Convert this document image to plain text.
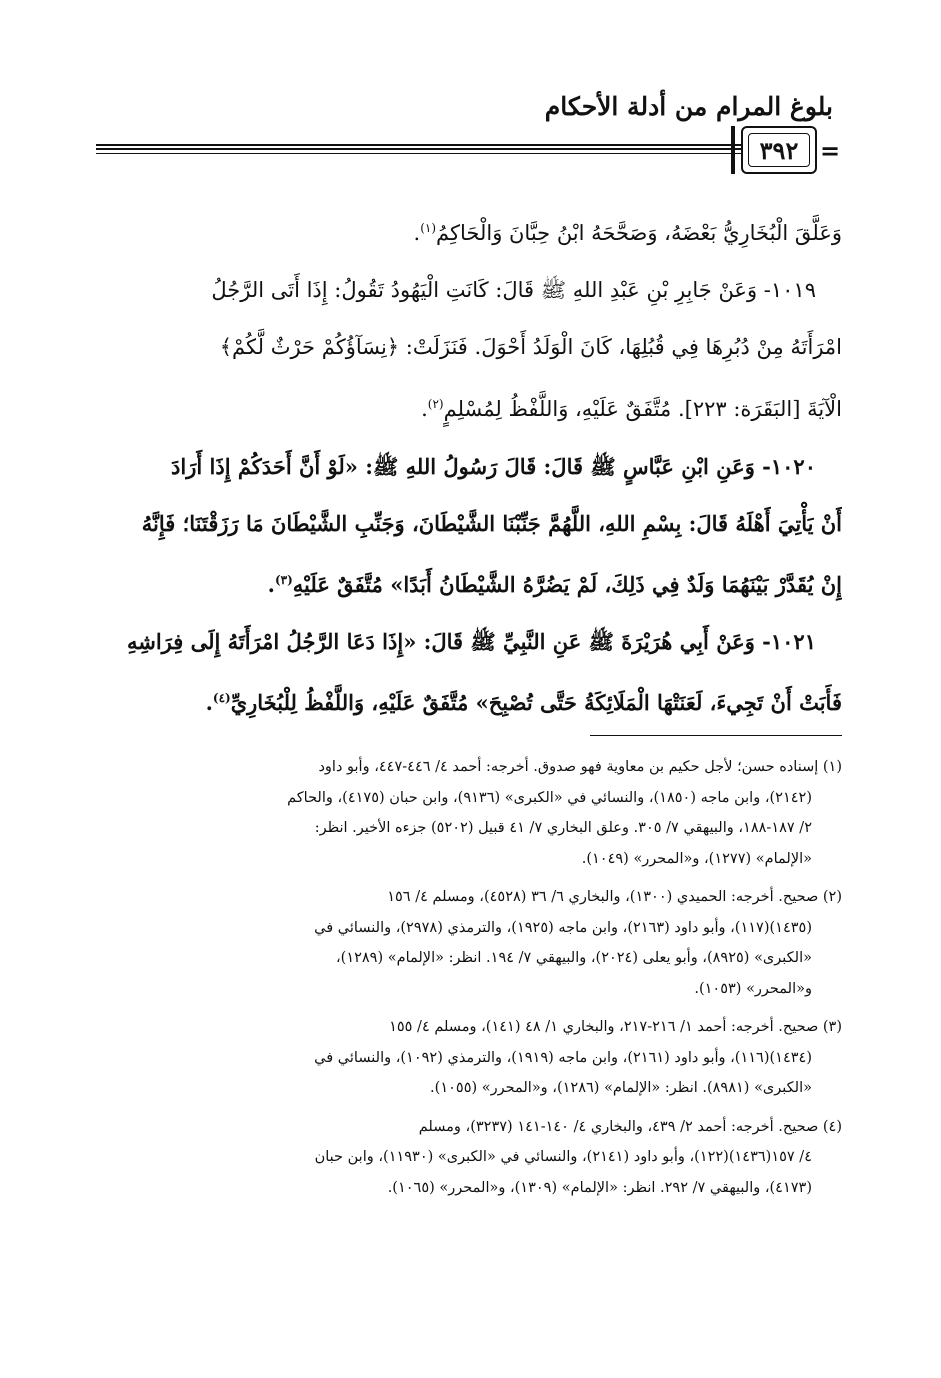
بلوغ المرام من أدلة الأحكام
٣٩٢ =

وَعَلَّقَ الْبُخَارِيُّ بَعْضَهُ، وَصَحَّحَهُ ابْنُ حِبَّانَ وَالْحَاكِمُ$^{(١)}$.

١٠١٩- وَعَنْ جَابِرِ بْنِ عَبْدِ اللهِ ﷺ قَالَ: كَانَتِ الْيَهُودُ تَقُولُ: إِذَا أَتَى الرَّجُلُ

امْرَأَتَهُ مِنْ دُبُرِهَا فِي قُبُلِهَا، كَانَ الْوَلَدُ أَحْوَلَ. فَنَزَلَتْ: ﴿نِسَآؤُكُمْ حَرْثٌ لَّكُمْ﴾

الْآيَةَ [البَقَرَة: ٢٢٣]. مُتَّفَقٌ عَلَيْهِ، وَاللَّفْظُ لِمُسْلِمٍ$^{(٢)}$.

١٠٢٠- وَعَنِ ابْنِ عَبَّاسٍ ﷺ قَالَ: قَالَ رَسُولُ اللهِ ﷺ: «لَوْ أَنَّ أَحَدَكُمْ إِذَا أَرَادَ

أَنْ يَأْتِيَ أَهْلَهُ قَالَ: بِسْمِ اللهِ، اللَّهُمَّ جَنِّبْنَا الشَّيْطَانَ، وَجَنِّبِ الشَّيْطَانَ مَا رَزَقْتَنَا؛ فَإِنَّهُ

إِنْ يُقَدَّرْ بَيْنَهُمَا وَلَدٌ فِي ذَلِكَ، لَمْ يَضُرَّهُ الشَّيْطَانُ أَبَدًا» مُتَّفَقٌ عَلَيْهِ$^{(٣)}$.

١٠٢١- وَعَنْ أَبِي هُرَيْرَةَ ﷺ عَنِ النَّبِيِّ ﷺ قَالَ: «إِذَا دَعَا الرَّجُلُ امْرَأَتَهُ إِلَى فِرَاشِهِ

فَأَبَتْ أَنْ تَجِيءَ، لَعَنَتْهَا الْمَلَائِكَةُ حَتَّى تُصْبِحَ» مُتَّفَقٌ عَلَيْهِ، وَاللَّفْظُ لِلْبُخَارِيِّ$^{(٤)}$.

(١) إسناده حسن؛ لأجل حكيم بن معاوية فهو صدوق. أخرجه: أحمد ٤/ ٤٤٦-٤٤٧، وأبو داود

(٢١٤٢)، وابن ماجه (١٨٥٠)، والنسائي في «الكبرى» (٩١٣٦)، وابن حبان (٤١٧٥)، والحاكم

٢/ ١٨٧-١٨٨، والبيهقي ٧/ ٣٠٥. وعلق البخاري ٧/ ٤١ قبيل (٥٢٠٢) جزءه الأخير. انظر:

«الإلمام» (١٢٧٧)، و«المحرر» (١٠٤٩).

(٢) صحيح. أخرجه: الحميدي (١٣٠٠)، والبخاري ٦/ ٣٦ (٤٥٢٨)، ومسلم ٤/ ١٥٦

(١٤٣٥)(١١٧)، وأبو داود (٢١٦٣)، وابن ماجه (١٩٢٥)، والترمذي (٢٩٧٨)، والنسائي في

«الكبرى» (٨٩٢٥)، وأبو يعلى (٢٠٢٤)، والبيهقي ٧/ ١٩٤. انظر: «الإلمام» (١٢٨٩)،

و«المحرر» (١٠٥٣).

(٣) صحيح. أخرجه: أحمد ١/ ٢١٦-٢١٧، والبخاري ١/ ٤٨ (١٤١)، ومسلم ٤/ ١٥٥

(١٤٣٤)(١١٦)، وأبو داود (٢١٦١)، وابن ماجه (١٩١٩)، والترمذي (١٠٩٢)، والنسائي في

«الكبرى» (٨٩٨١). انظر: «الإلمام» (١٢٨٦)، و«المحرر» (١٠٥٥).

(٤) صحيح. أخرجه: أحمد ٢/ ٤٣٩، والبخاري ٤/ ١٤٠-١٤١ (٣٢٣٧)، ومسلم

٤/ ١٥٧(١٤٣٦)(١٢٢)، وأبو داود (٢١٤١)، والنسائي في «الكبرى» (١١٩٣٠)، وابن حبان

(٤١٧٣)، والبيهقي ٧/ ٢٩٢. انظر: «الإلمام» (١٣٠٩)، و«المحرر» (١٠٦٥).
